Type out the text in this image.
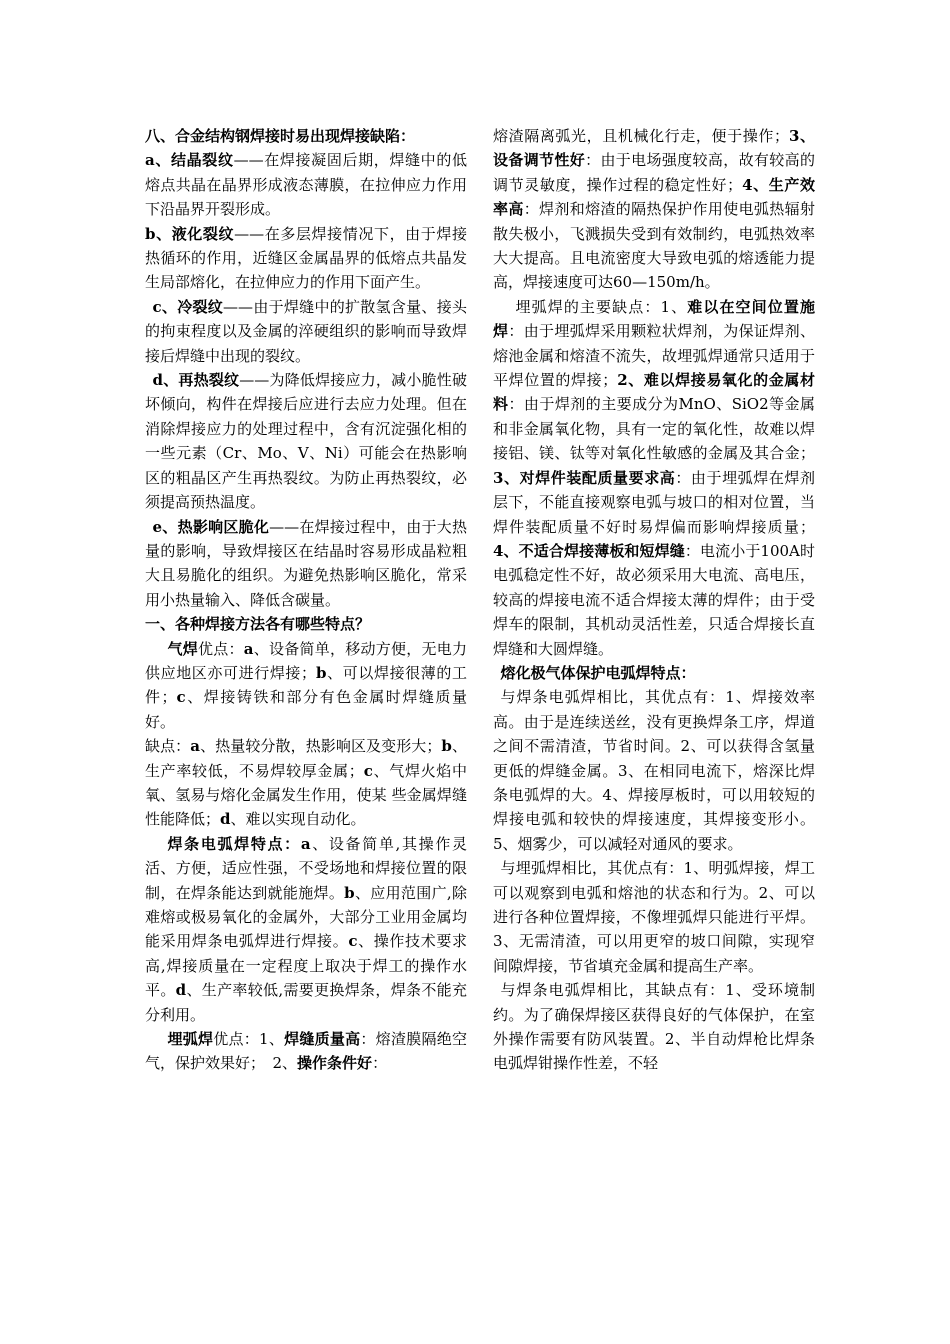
八、合金结构钢焊接时易出现焊接缺陷：

a、结晶裂纹——在焊接凝固后期，焊缝中的低熔点共晶在晶界形成液态薄膜，在拉伸应力作用下沿晶界开裂形成。

b、液化裂纹——在多层焊接情况下，由于焊接热循环的作用，近缝区金属晶界的低熔点共晶发生局部熔化，在拉伸应力的作用下面产生。

c、冷裂纹——由于焊缝中的扩散氢含量、接头的拘束程度以及金属的淬硬组织的影响而导致焊接后焊缝中出现的裂纹。

d、再热裂纹——为降低焊接应力，减小脆性破坏倾向，构件在焊接后应进行去应力处理。但在消除焊接应力的处理过程中，含有沉淀强化相的一些元素（Cr、Mo、V、Ni）可能会在热影响区的粗晶区产生再热裂纹。为防止再热裂纹，必须提高预热温度。

e、热影响区脆化——在焊接过程中，由于大热量的影响，导致焊接区在结晶时容易形成晶粒粗大且易脆化的组织。为避免热影响区脆化，常采用小热量输入、降低含碳量。

一、各种焊接方法各有哪些特点？

气焊优点：a、设备简单，移动方便，无电力供应地区亦可进行焊接；b、可以焊接很薄的工件；c、焊接铸铁和部分有色金属时焊缝质量好。

缺点：a、热量较分散，热影响区及变形大；b、生产率较低，不易焊较厚金属；c、气焊火焰中氧、氢易与熔化金属发生作用，使某 些金属焊缝性能降低；d、难以实现自动化。

焊条电弧焊特点：a、设备简单,其操作灵活、方便，适应性强，不受场地和焊接位置的限制，在焊条能达到就能施焊。b、应用范围广,除难熔或极易氧化的金属外，大部分工业用金属均能采用焊条电弧焊进行焊接。c、操作技术要求高,焊接质量在一定程度上取决于焊工的操作水平。d、生产率较低,需要更换焊条，焊条不能充分利用。

埋弧焊优点：1、焊缝质量高：熔渣膜隔绝空气，保护效果好；　2、操作条件好：

熔渣隔离弧光，且机械化行走，便于操作；3、设备调节性好：由于电场强度较高，故有较高的调节灵敏度，操作过程的稳定性好；4、生产效率高：焊剂和熔渣的隔热保护作用使电弧热辐射散失极小，飞溅损失受到有效制约，电弧热效率大大提高。且电流密度大导致电弧的熔透能力提高，焊接速度可达60—150m/h。

埋弧焊的主要缺点：1、难以在空间位置施焊：由于埋弧焊采用颗粒状焊剂，为保证焊剂、熔池金属和熔渣不流失，故埋弧焊通常只适用于平焊位置的焊接；2、难以焊接易氧化的金属材料：由于焊剂的主要成分为MnO、SiO2等金属和非金属氧化物，具有一定的氧化性，故难以焊接铝、镁、钛等对氧化性敏感的金属及其合金；3、对焊件装配质量要求高：由于埋弧焊在焊剂层下，不能直接观察电弧与坡口的相对位置，当焊件装配质量不好时易焊偏而影响焊接质量；4、不适合焊接薄板和短焊缝：电流小于100A时电弧稳定性不好，故必须采用大电流、高电压，较高的焊接电流不适合焊接太薄的焊件；由于受焊车的限制，其机动灵活性差，只适合焊接长直焊缝和大圆焊缝。

熔化极气体保护电弧焊特点：

与焊条电弧焊相比，其优点有：1、焊接效率高。由于是连续送丝，没有更换焊条工序，焊道之间不需清渣，节省时间。2、可以获得含氢量更低的焊缝金属。3、在相同电流下，熔深比焊条电弧焊的大。4、焊接厚板时，可以用较短的焊接电弧和较快的焊接速度，其焊接变形小。5、烟雾少，可以减轻对通风的要求。

与埋弧焊相比，其优点有：1、明弧焊接，焊工可以观察到电弧和熔池的状态和行为。2、可以进行各种位置焊接，不像埋弧焊只能进行平焊。3、无需清渣，可以用更窄的坡口间隙，实现窄间隙焊接，节省填充金属和提高生产率。

与焊条电弧焊相比，其缺点有：1、受环境制约。为了确保焊接区获得良好的气体保护，在室外操作需要有防风装置。2、半自动焊枪比焊条电弧焊钳操作性差，不轻
